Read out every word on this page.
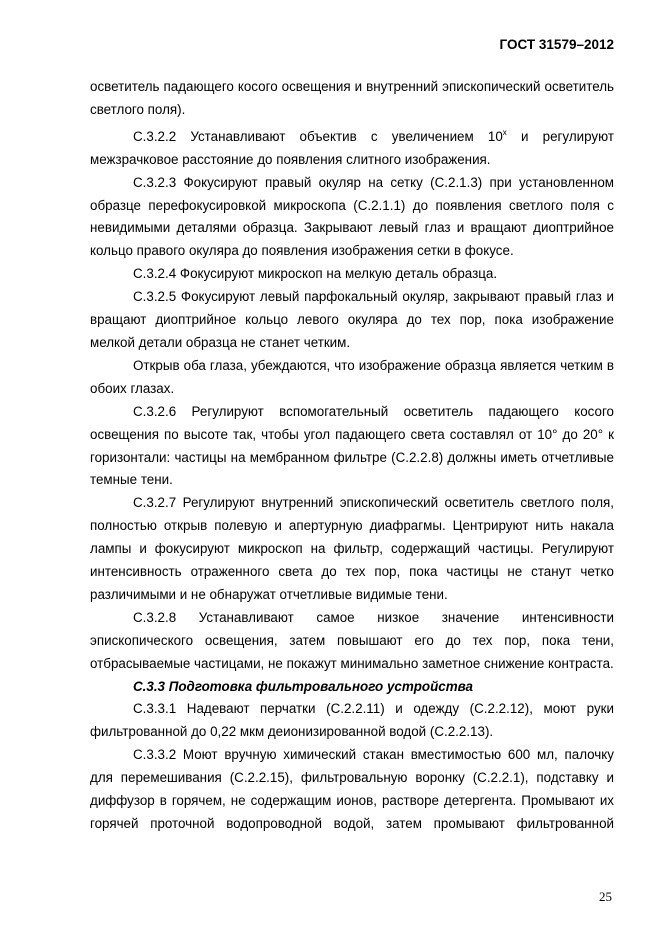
ГОСТ 31579–2012

осветитель падающего косого освещения и внутренний эпископический осветитель светлого поля).

С.3.2.2 Устанавливают объектив с увеличением $10^х$ и регулируют межзрачковое расстояние до появления слитного изображения.

С.3.2.3 Фокусируют правый окуляр на сетку (С.2.1.3) при установленном образце перефокусировкой микроскопа (С.2.1.1) до появления светлого поля с невидимыми деталями образца. Закрывают левый глаз и вращают диоптрийное кольцо правого окуляра до появления изображения сетки в фокусе.

С.3.2.4 Фокусируют микроскоп на мелкую деталь образца.

С.3.2.5 Фокусируют левый парфокальный окуляр, закрывают правый глаз и вращают диоптрийное кольцо левого окуляра до тех пор, пока изображение мелкой детали образца не станет четким.

Открыв оба глаза, убеждаются, что изображение образца является четким в обоих глазах.

С.3.2.6 Регулируют вспомогательный осветитель падающего косого освещения по высоте так, чтобы угол падающего света составлял от 10° до 20° к горизонтали: частицы на мембранном фильтре (С.2.2.8) должны иметь отчетливые темные тени.

С.3.2.7 Регулируют внутренний эпископический осветитель светлого поля, полностью открыв полевую и апертурную диафрагмы. Центрируют нить накала лампы и фокусируют микроскоп на фильтр, содержащий частицы. Регулируют интенсивность отраженного света до тех пор, пока частицы не станут четко различимыми и не обнаружат отчетливые видимые тени.

С.3.2.8 Устанавливают самое низкое значение интенсивности эпископического освещения, затем повышают его до тех пор, пока тени, отбрасываемые частицами, не покажут минимально заметное снижение контраста.

С.3.3 Подготовка фильтровального устройства

С.3.3.1 Надевают перчатки (С.2.2.11) и одежду (С.2.2.12), моют руки фильтрованной до 0,22 мкм деионизированной водой (С.2.2.13).

С.3.3.2 Моют вручную химический стакан вместимостью 600 мл, палочку для перемешивания (С.2.2.15), фильтровальную воронку (С.2.2.1), подставку и диффузор в горячем, не содержащим ионов, растворе детергента. Промывают их горячей проточной водопроводной водой, затем промывают фильтрованной

25
